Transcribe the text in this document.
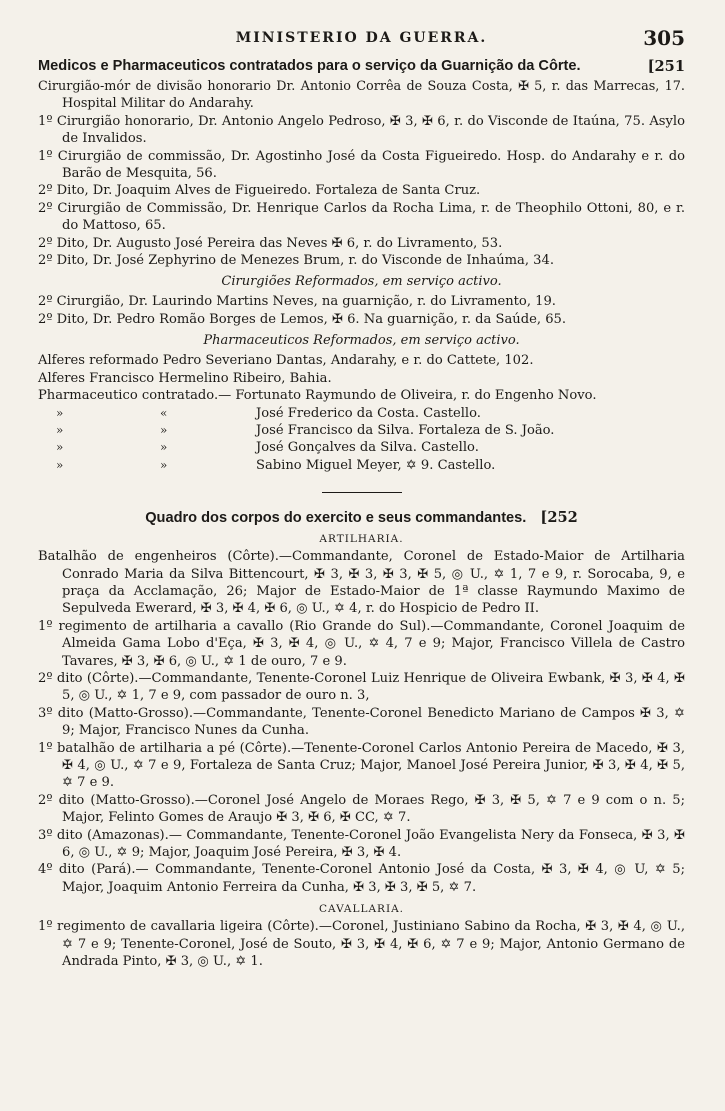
MINISTERIO DA GUERRA.	305
[251
Medicos e Pharmaceuticos contratados para o serviço da Guarnição da Côrte.

Cirurgião-mór de divisão honorario Dr. Antonio Corrêa de Souza Costa, ✠ 5, r. das Marrecas, 17. Hospital Militar do Andarahy.

1º Cirurgião honorario, Dr. Antonio Angelo Pedroso, ✠ 3, ✠ 6, r. do Visconde de Itaúna, 75. Asylo de Invalidos.

1º Cirurgião de commissão, Dr. Agostinho José da Costa Figueiredo. Hosp. do Andarahy e r. do Barão de Mesquita, 56.

2º Dito, Dr. Joaquim Alves de Figueiredo. Fortaleza de Santa Cruz.

2º Cirurgião de Commissão, Dr. Henrique Carlos da Rocha Lima, r. de Theophilo Ottoni, 80, e r. do Mattoso, 65.

2º Dito, Dr. Augusto José Pereira das Neves ✠ 6, r. do Livramento, 53.

2º Dito, Dr. José Zephyrino de Menezes Brum, r. do Visconde de Inhaúma, 34.

Cirurgiões Reformados, em serviço activo.

2º Cirurgião, Dr. Laurindo Martins Neves, na guarnição, r. do Livramento, 19.

2º Dito, Dr. Pedro Romão Borges de Lemos, ✠ 6. Na guarnição, r. da Saúde, 65.

Pharmaceuticos Reformados, em serviço activo.

Alferes reformado Pedro Severiano Dantas, Andarahy, e r. do Cattete, 102.

Alferes Francisco Hermelino Ribeiro, Bahia.

Pharmaceutico contratado.— Fortunato Raymundo de Oliveira, r. do Engenho Novo.

»	«	José Frederico da Costa. Castello.
»	»	José Francisco da Silva. Fortaleza de S. João.
»	»	José Gonçalves da Silva. Castello.
»	»	Sabino Miguel Meyer, ✡ 9. Castello.
Quadro dos corpos do exercito e seus commandantes. [252
ARTILHARIA.

Batalhão de engenheiros (Côrte).—Commandante, Coronel de Estado-Maior de Artilharia Conrado Maria da Silva Bittencourt, ✠ 3, ✠ 3, ✠ 3, ✠ 5, ◎ U., ✡ 1, 7 e 9, r. Sorocaba, 9, e praça da Acclamação, 26; Major de Estado-Maior de 1ª classe Raymundo Maximo de Sepulveda Ewerard, ✠ 3, ✠ 4, ✠ 6, ◎ U., ✡ 4, r. do Hospicio de Pedro II.

1º regimento de artilharia a cavallo (Rio Grande do Sul).—Commandante, Coronel Joaquim de Almeida Gama Lobo d'Eça, ✠ 3, ✠ 4, ◎ U., ✡ 4, 7 e 9; Major, Francisco Villela de Castro Tavares, ✠ 3, ✠ 6, ◎ U., ✡ 1 de ouro, 7 e 9.

2º dito (Côrte).—Commandante, Tenente-Coronel Luiz Henrique de Oliveira Ewbank, ✠ 3, ✠ 4, ✠ 5, ◎ U., ✡ 1, 7 e 9, com passador de ouro n. 3,

3º dito (Matto-Grosso).—Commandante, Tenente-Coronel Benedicto Mariano de Campos ✠ 3, ✡ 9; Major, Francisco Nunes da Cunha.

1º batalhão de artilharia a pé (Côrte).—Tenente-Coronel Carlos Antonio Pereira de Macedo, ✠ 3, ✠ 4, ◎ U., ✡ 7 e 9, Fortaleza de Santa Cruz; Major, Manoel José Pereira Junior, ✠ 3, ✠ 4, ✠ 5, ✡ 7 e 9.

2º dito (Matto-Grosso).—Coronel José Angelo de Moraes Rego, ✠ 3, ✠ 5, ✡ 7 e 9 com o n. 5; Major, Felinto Gomes de Araujo ✠ 3, ✠ 6, ✠ CC, ✡ 7.

3º dito (Amazonas).— Commandante, Tenente-Coronel João Evangelista Nery da Fonseca, ✠ 3, ✠ 6, ◎ U., ✡ 9; Major, Joaquim José Pereira, ✠ 3, ✠ 4.

4º dito (Pará).— Commandante, Tenente-Coronel Antonio José da Costa, ✠ 3, ✠ 4, ◎ U, ✡ 5; Major, Joaquim Antonio Ferreira da Cunha, ✠ 3, ✠ 3, ✠ 5, ✡ 7.

CAVALLARIA.

1º regimento de cavallaria ligeira (Côrte).—Coronel, Justiniano Sabino da Rocha, ✠ 3, ✠ 4, ◎ U., ✡ 7 e 9; Tenente-Coronel, José de Souto, ✠ 3, ✠ 4, ✠ 6, ✡ 7 e 9; Major, Antonio Germano de Andrada Pinto, ✠ 3, ◎ U., ✡ 1.
